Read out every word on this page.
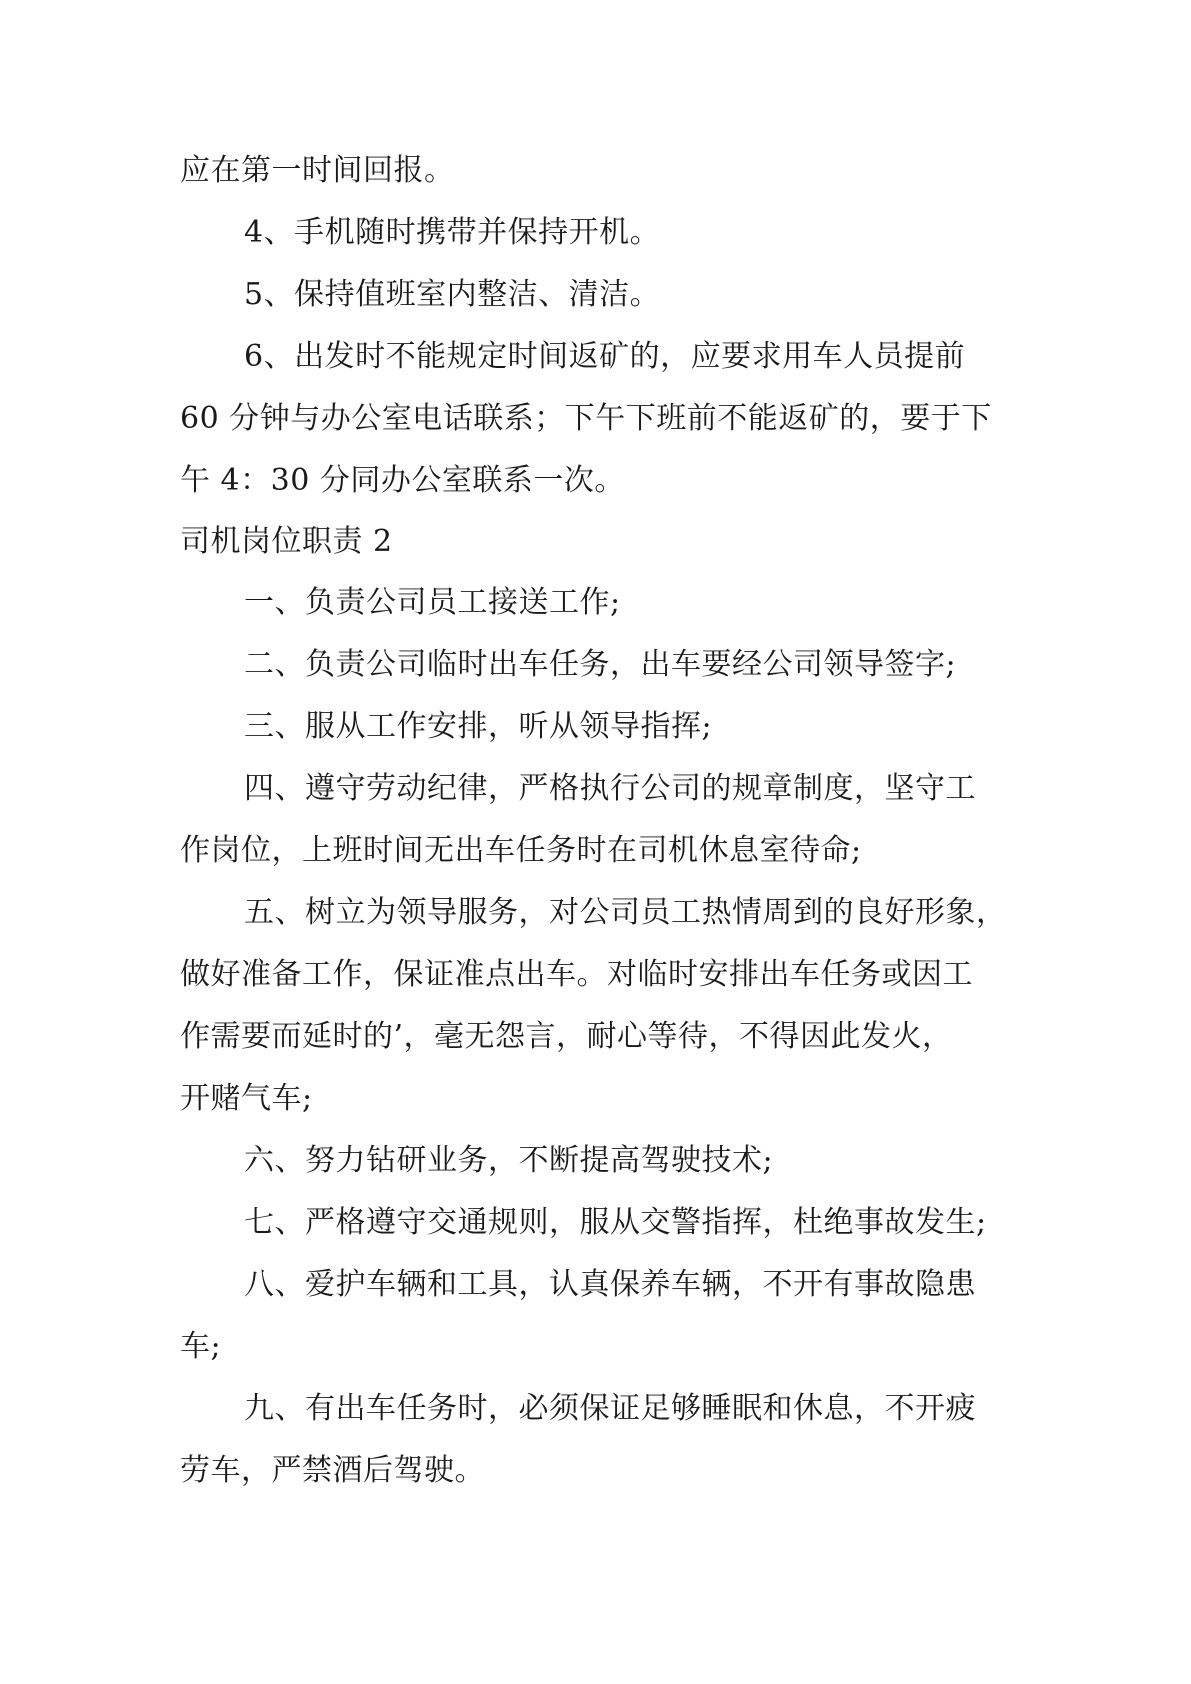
应在第一时间回报。
4、手机随时携带并保持开机。
5、保持值班室内整洁、清洁。
6、出发时不能规定时间返矿的，应要求用车人员提前
60 分钟与办公室电话联系；下午下班前不能返矿的，要于下
午 4：30 分同办公室联系一次。
司机岗位职责 2
一、负责公司员工接送工作;
二、负责公司临时出车任务，出车要经公司领导签字;
三、服从工作安排，听从领导指挥;
四、遵守劳动纪律，严格执行公司的规章制度，坚守工
作岗位，上班时间无出车任务时在司机休息室待命;
五、树立为领导服务，对公司员工热情周到的良好形象，
做好准备工作，保证准点出车。对临时安排出车任务或因工
作需要而延时的’，毫无怨言，耐心等待，不得因此发火，
开赌气车;
六、努力钻研业务，不断提高驾驶技术;
七、严格遵守交通规则，服从交警指挥，杜绝事故发生;
八、爱护车辆和工具，认真保养车辆，不开有事故隐患
车;
九、有出车任务时，必须保证足够睡眠和休息，不开疲
劳车，严禁酒后驾驶。
